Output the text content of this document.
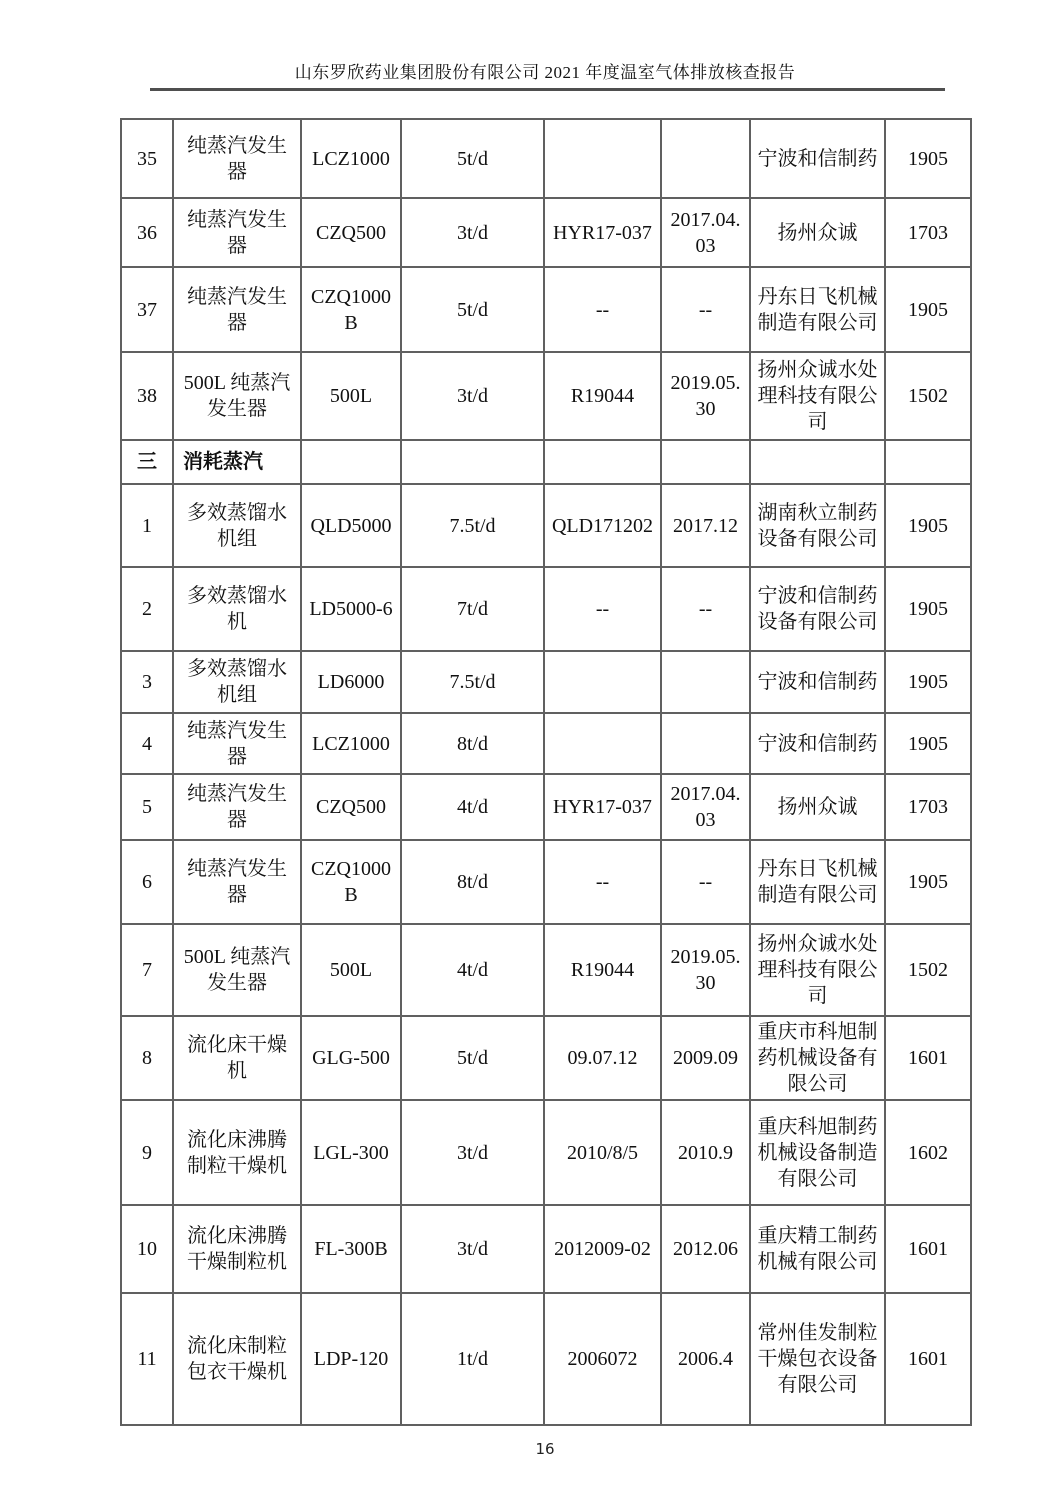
山东罗欣药业集团股份有限公司 2021 年度温室气体排放核查报告
35	纯蒸汽发生器	LCZ1000	5t/d			宁波和信制药	1905
36	纯蒸汽发生器	CZQ500	3t/d	HYR17-037	2017.04.03	扬州众诚	1703
37	纯蒸汽发生器	CZQ1000B	5t/d	--	--	丹东日飞机械制造有限公司	1905
38	500L 纯蒸汽发生器	500L	3t/d	R19044	2019.05.30	扬州众诚水处理科技有限公司	1502
三	消耗蒸汽						
1	多效蒸馏水机组	QLD5000	7.5t/d	QLD171202	2017.12	湖南秋立制药设备有限公司	1905
2	多效蒸馏水机	LD5000-6	7t/d	--	--	宁波和信制药设备有限公司	1905
3	多效蒸馏水机组	LD6000	7.5t/d			宁波和信制药	1905
4	纯蒸汽发生器	LCZ1000	8t/d			宁波和信制药	1905
5	纯蒸汽发生器	CZQ500	4t/d	HYR17-037	2017.04.03	扬州众诚	1703
6	纯蒸汽发生器	CZQ1000B	8t/d	--	--	丹东日飞机械制造有限公司	1905
7	500L 纯蒸汽发生器	500L	4t/d	R19044	2019.05.30	扬州众诚水处理科技有限公司	1502
8	流化床干燥机	GLG-500	5t/d	09.07.12	2009.09	重庆市科旭制药机械设备有限公司	1601
9	流化床沸腾制粒干燥机	LGL-300	3t/d	2010/8/5	2010.9	重庆科旭制药机械设备制造有限公司	1602
10	流化床沸腾干燥制粒机	FL-300B	3t/d	2012009-02	2012.06	重庆精工制药机械有限公司	1601
11	流化床制粒包衣干燥机	LDP-120	1t/d	2006072	2006.4	常州佳发制粒干燥包衣设备有限公司	1601
16
